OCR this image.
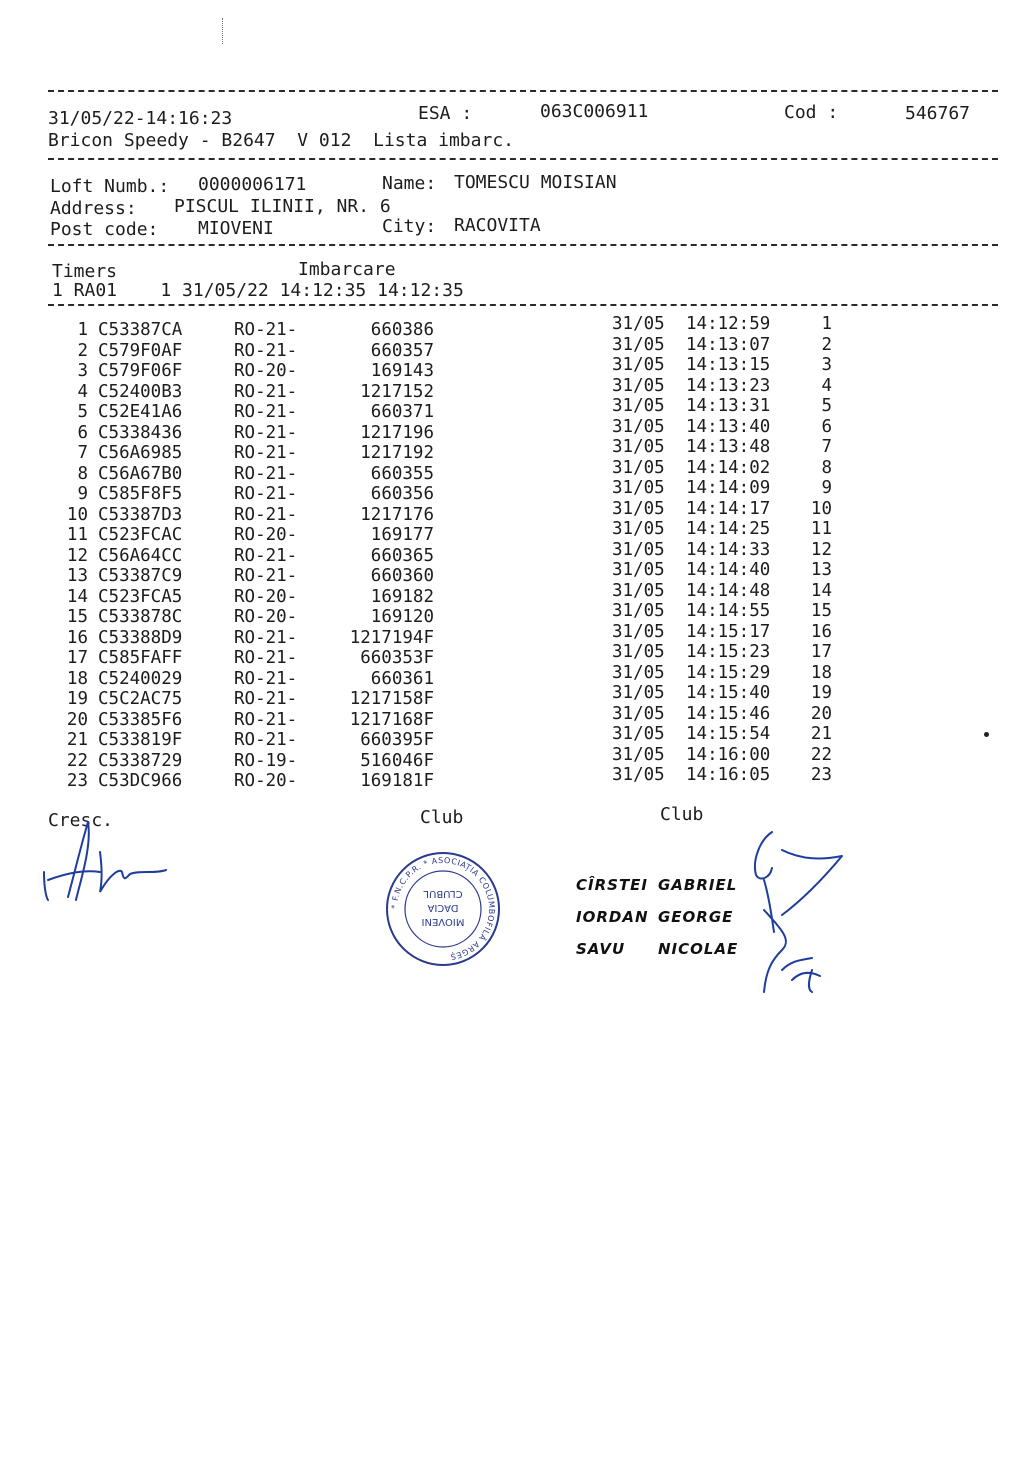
31/05/22-14:16:23	ESA :	063C006911	Cod :	546767
Bricon Speedy - B2647  V 012  Lista imbarc.
Loft Numb.: 0000006171	Name: TOMESCU MOISIAN
Address: PISCUL ILINII, NR. 6
Post code: MIOVENI	City: RACOVITA
Timers	Imbarcare
1 RA01    1 31/05/22 14:12:35 14:12:35
1 C53387CA	RO-21-	660386	31/05 14:12:59	1
2 C579F0AF	RO-21-	660357	31/05 14:13:07	2
3 C579F06F	RO-20-	169143	31/05 14:13:15	3
4 C52400B3	RO-21-	1217152	31/05 14:13:23	4
5 C52E41A6	RO-21-	660371	31/05 14:13:31	5
6 C5338436	RO-21-	1217196	31/05 14:13:40	6
7 C56A6985	RO-21-	1217192	31/05 14:13:48	7
8 C56A67B0	RO-21-	660355	31/05 14:14:02	8
9 C585F8F5	RO-21-	660356	31/05 14:14:09	9
10 C53387D3	RO-21-	1217176	31/05 14:14:17	10
11 C523FCAC	RO-20-	169177	31/05 14:14:25	11
12 C56A64CC	RO-21-	660365	31/05 14:14:33	12
13 C53387C9	RO-21-	660360	31/05 14:14:40	13
14 C523FCA5	RO-20-	169182	31/05 14:14:48	14
15 C533878C	RO-20-	169120	31/05 14:14:55	15
16 C53388D9	RO-21-	1217194F	31/05 14:15:17	16
17 C585FAFF	RO-21-	660353F	31/05 14:15:23	17
18 C5240029	RO-21-	660361	31/05 14:15:29	18
19 C5C2AC75	RO-21-	1217158F	31/05 14:15:40	19
20 C53385F6	RO-21-	1217168F	31/05 14:15:46	20
21 C533819F	RO-21-	660395F	31/05 14:15:54	21
22 C5338729	RO-19-	516046F	31/05 14:16:00	22
23 C53DC966	RO-20-	169181F	31/05 14:16:05	23
Cresc.	Club	Club
* F.N.C.P.R. * ASOCIAȚIA COLUMBOFILĂ ARGEȘ
CLUBUL
DACIA
MIOVENI
CÎRSTEI GABRIEL
IORDAN GEORGE
SAVU NICOLAE
